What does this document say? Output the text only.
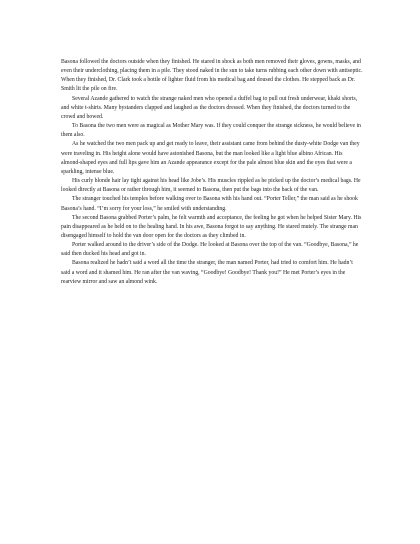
Basona followed the doctors outside when they finished. He stared in shock as both men removed their gloves, gowns, masks, and even their underclothing, placing them in a pile. They stood naked in the sun to take turns rubbing each other down with antiseptic. When they finished, Dr. Clark took a bottle of lighter fluid from his medical bag and doused the clothes. He stepped back as Dr. Smith lit the pile on fire.

Several Azande gathered to watch the strange naked men who opened a duffel bag to pull out fresh underwear, khaki shorts, and white t-shirts. Many bystanders clapped and laughed as the doctors dressed. When they finished, the doctors turned to the crowd and bowed.

To Basona the two men were as magical as Mother Mary was. If they could conquer the strange sickness, he would believe in them also.

As he watched the two men pack up and get ready to leave, their assistant came from behind the dusty-white Dodge van they were traveling in. His height alone would have astonished Basona, but the man looked like a light blue albino African. His almond-shaped eyes and full lips gave him an Azande appearance except for the pale almost blue skin and the eyes that were a sparkling, intense blue.

His curly blonde hair lay tight against his head like Jobe’s. His muscles rippled as he picked up the doctor’s medical bags. He looked directly at Basona or rather through him, it seemed to Basona, then put the bags into the back of the van.

The stranger touched his temples before walking over to Basona with his hand out. “Porter Teller,” the man said as he shook Basona’s hand. “I’m sorry for your loss,” he smiled with understanding.

The second Basona grabbed Porter’s palm, he felt warmth and acceptance, the feeling he got when he helped Sister Mary. His pain disappeared as he held on to the healing hand. In his awe, Basona forgot to say anything. He stared mutely. The strange man disengaged himself to hold the van door open for the doctors as they climbed in.

Porter walked around to the driver’s side of the Dodge. He looked at Basona over the top of the van. “Goodbye, Basona,” he said then ducked his head and got in.

Basona realized he hadn’t said a word all the time the stranger, the man named Porter, had tried to comfort him. He hadn’t said a word and it shamed him. He ran after the van waving, “Goodbye! Goodbye! Thank you!” He met Porter’s eyes in the rearview mirror and saw an almond wink.
